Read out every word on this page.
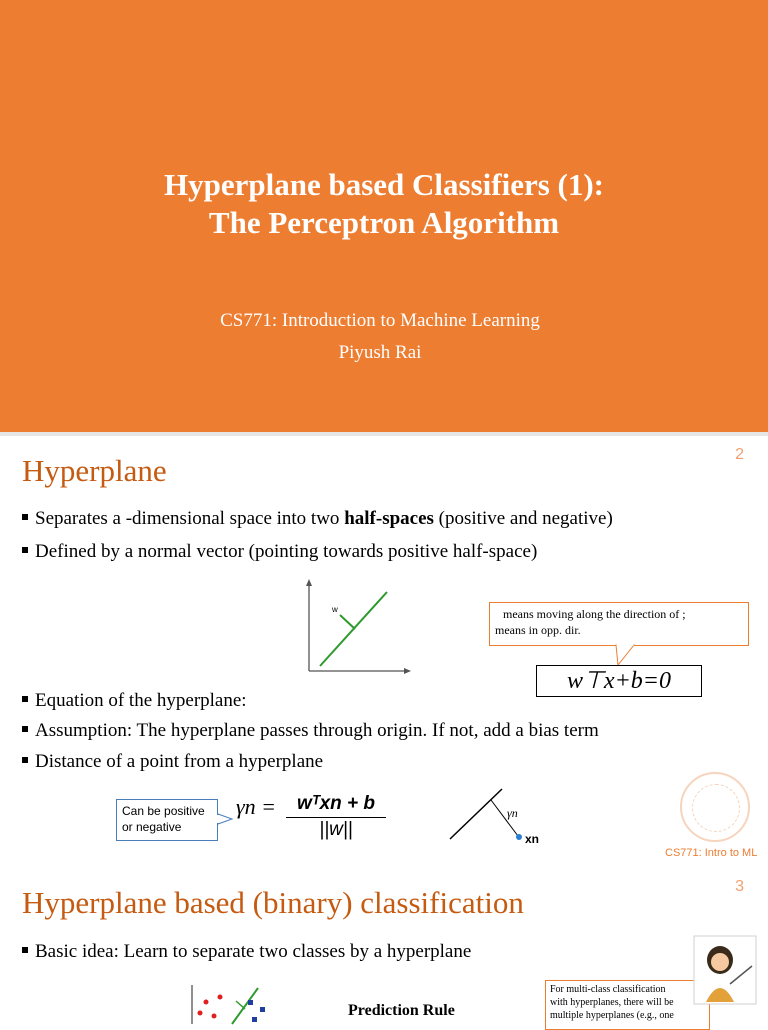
Hyperplane based Classifiers (1):
The Perceptron Algorithm
CS771: Introduction to Machine Learning
Piyush Rai
Hyperplane	2
Separates a -dimensional space into two half-spaces (positive and negative)
Defined by a normal vector (pointing towards positive half-space)
w	means moving along the direction of ;
means in opp. dir.
w⊤x+b=0
Equation of the hyperplane:
Assumption: The hyperplane passes through origin. If not, add a bias term
Distance of a point from a hyperplane
Can be positive
or negative
γn =	wᵀxn + b
||w||
γn
xn
CS771: Intro to ML
Hyperplane based (binary) classification	3
Basic idea: Learn to separate two classes by a hyperplane
Prediction Rule
For multi-class classification
with hyperplanes, there will be
multiple hyperplanes (e.g., one
